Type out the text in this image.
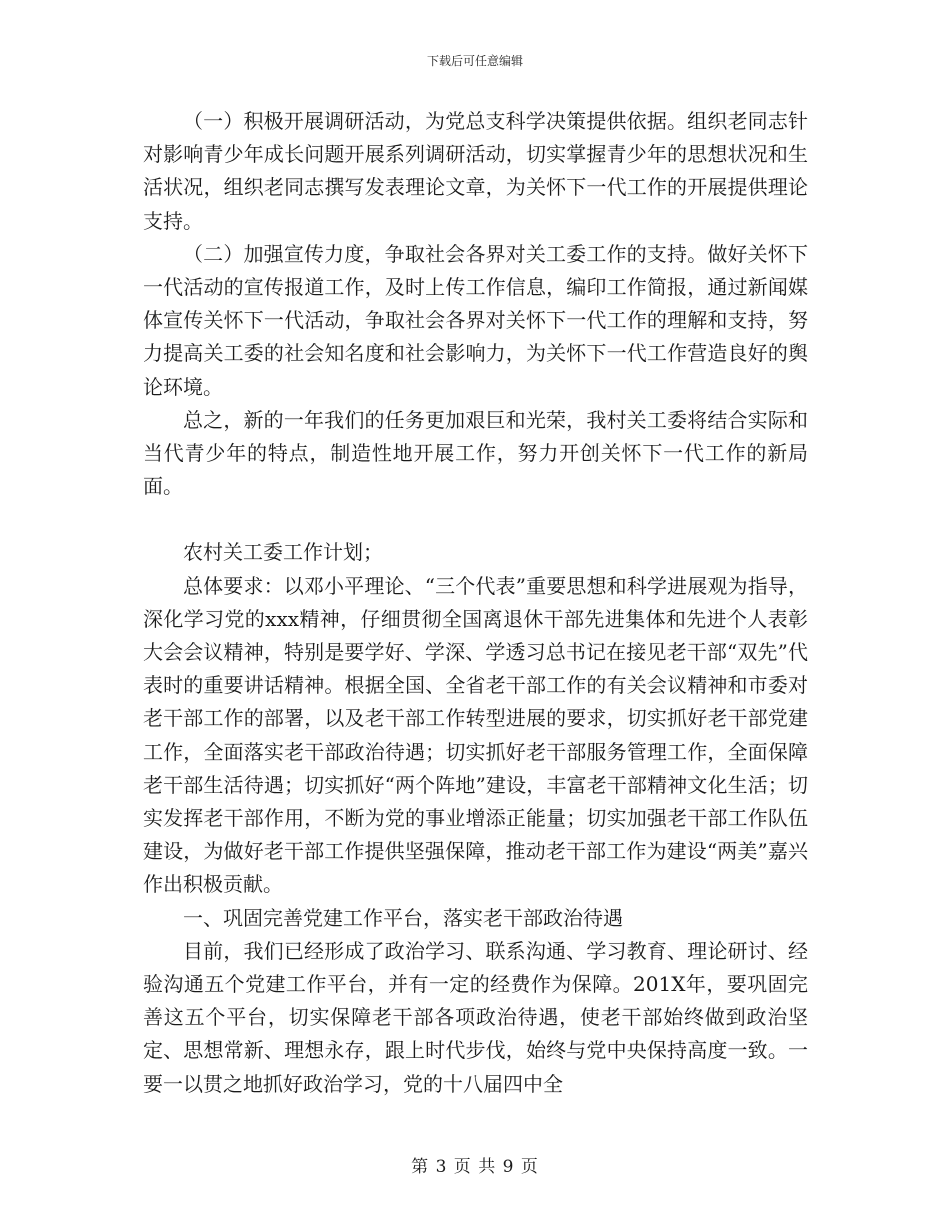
下载后可任意编辑

（一）积极开展调研活动，为党总支科学决策提供依据。组织老同志针对影响青少年成长问题开展系列调研活动，切实掌握青少年的思想状况和生活状况，组织老同志撰写发表理论文章，为关怀下一代工作的开展提供理论支持。

（二）加强宣传力度，争取社会各界对关工委工作的支持。做好关怀下一代活动的宣传报道工作，及时上传工作信息，编印工作简报，通过新闻媒体宣传关怀下一代活动，争取社会各界对关怀下一代工作的理解和支持，努力提高关工委的社会知名度和社会影响力，为关怀下一代工作营造良好的舆论环境。

总之，新的一年我们的任务更加艰巨和光荣，我村关工委将结合实际和当代青少年的特点，制造性地开展工作，努力开创关怀下一代工作的新局面。

农村关工委工作计划；

总体要求：以邓小平理论、“三个代表”重要思想和科学进展观为指导，深化学习党的xxx精神，仔细贯彻全国离退休干部先进集体和先进个人表彰大会会议精神，特别是要学好、学深、学透习总书记在接见老干部“双先”代表时的重要讲话精神。根据全国、全省老干部工作的有关会议精神和市委对老干部工作的部署，以及老干部工作转型进展的要求，切实抓好老干部党建工作，全面落实老干部政治待遇；切实抓好老干部服务管理工作，全面保障老干部生活待遇；切实抓好“两个阵地”建设，丰富老干部精神文化生活；切实发挥老干部作用，不断为党的事业增添正能量；切实加强老干部工作队伍建设，为做好老干部工作提供坚强保障，推动老干部工作为建设“两美”嘉兴作出积极贡献。

一、巩固完善党建工作平台，落实老干部政治待遇

目前，我们已经形成了政治学习、联系沟通、学习教育、理论研讨、经验沟通五个党建工作平台，并有一定的经费作为保障。201X年，要巩固完善这五个平台，切实保障老干部各项政治待遇，使老干部始终做到政治坚定、思想常新、理想永存，跟上时代步伐，始终与党中央保持高度一致。一要一以贯之地抓好政治学习，党的十八届四中全

第 3 页 共 9 页
